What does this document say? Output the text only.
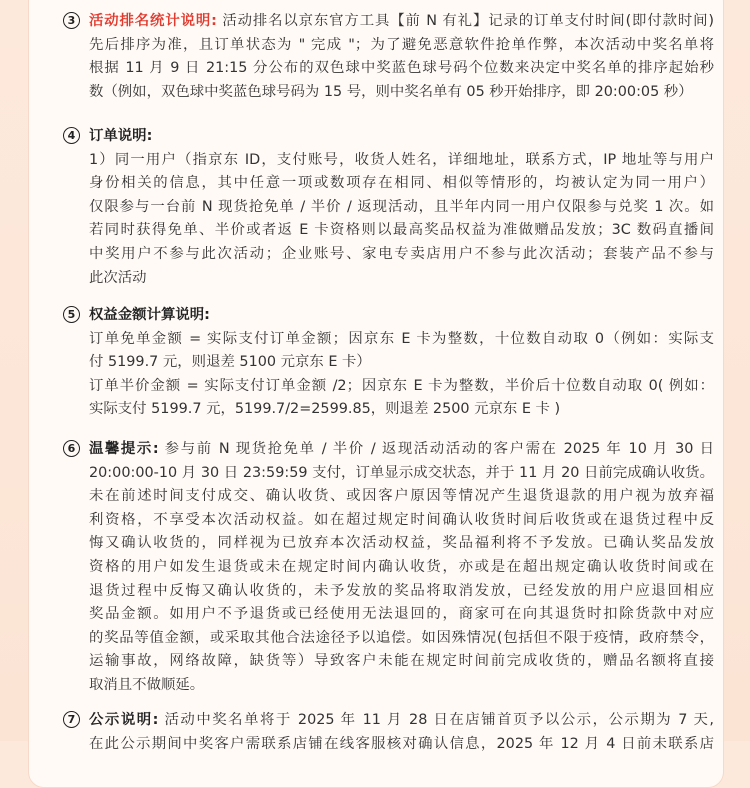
3 活动排名统计说明: 活动排名以京东官方工具【前 N 有礼】记录的订单支付时间(即付款时间)
先后排序为准，且订单状态为 " 完成 "；为了避免恶意软件抢单作弊，本次活动中奖名单将
根据 11 月 9 日 21:15 分公布的双色球中奖蓝色球号码个位数来决定中奖名单的排序起始秒
数（例如，双色球中奖蓝色球号码为 15 号，则中奖名单有 05 秒开始排序，即 20:00:05 秒）
4 订单说明:
1）同一用户（指京东 ID，支付账号，收货人姓名，详细地址，联系方式，IP 地址等与用户
身份相关的信息，其中任意一项或数项存在相同、相似等情形的，均被认定为同一用户）
仅限参与一台前 N 现货抢免单 / 半价 / 返现活动，且半年内同一用户仅限参与兑奖 1 次。如
若同时获得免单、半价或者返 E 卡资格则以最高奖品权益为准做赠品发放；3C 数码直播间
中奖用户不参与此次活动；企业账号、家电专卖店用户不参与此次活动；套装产品不参与
此次活动
5 权益金额计算说明:
订单免单金额 = 实际支付订单金额；因京东 E 卡为整数，十位数自动取 0（例如：实际支
付 5199.7 元，则退差 5100 元京东 E 卡）
订单半价金额 = 实际支付订单金额 /2；因京东 E 卡为整数，半价后十位数自动取 0( 例如：
实际支付 5199.7 元，5199.7/2=2599.85，则退差 2500 元京东 E 卡 )
6 温馨提示: 参与前 N 现货抢免单 / 半价 / 返现活动活动的客户需在 2025 年 10 月 30 日
20:00:00-10 月 30 日 23:59:59 支付，订单显示成交状态，并于 11 月 20 日前完成确认收货。
未在前述时间支付成交、确认收货、或因客户原因等情况产生退货退款的用户视为放弃福
利资格，不享受本次活动权益。如在超过规定时间确认收货时间后收货或在退货过程中反
悔又确认收货的，同样视为已放弃本次活动权益，奖品福利将不予发放。已确认奖品发放
资格的用户如发生退货或未在规定时间内确认收货，亦或是在超出规定确认收货时间或在
退货过程中反悔又确认收货的，未予发放的奖品将取消发放，已经发放的用户应退回相应
奖品金额。如用户不予退货或已经使用无法退回的，商家可在向其退货时扣除货款中对应
的奖品等值金额，或采取其他合法途径予以追偿。如因殊情况(包括但不限于疫情，政府禁令，
运输事故，网络故障，缺货等）导致客户未能在规定时间前完成收货的，赠品名额将直接
取消且不做顺延。
7 公示说明: 活动中奖名单将于 2025 年 11 月 28 日在店铺首页予以公示，公示期为 7 天,
在此公示期间中奖客户需联系店铺在线客服核对确认信息，2025 年 12 月 4 日前未联系店
